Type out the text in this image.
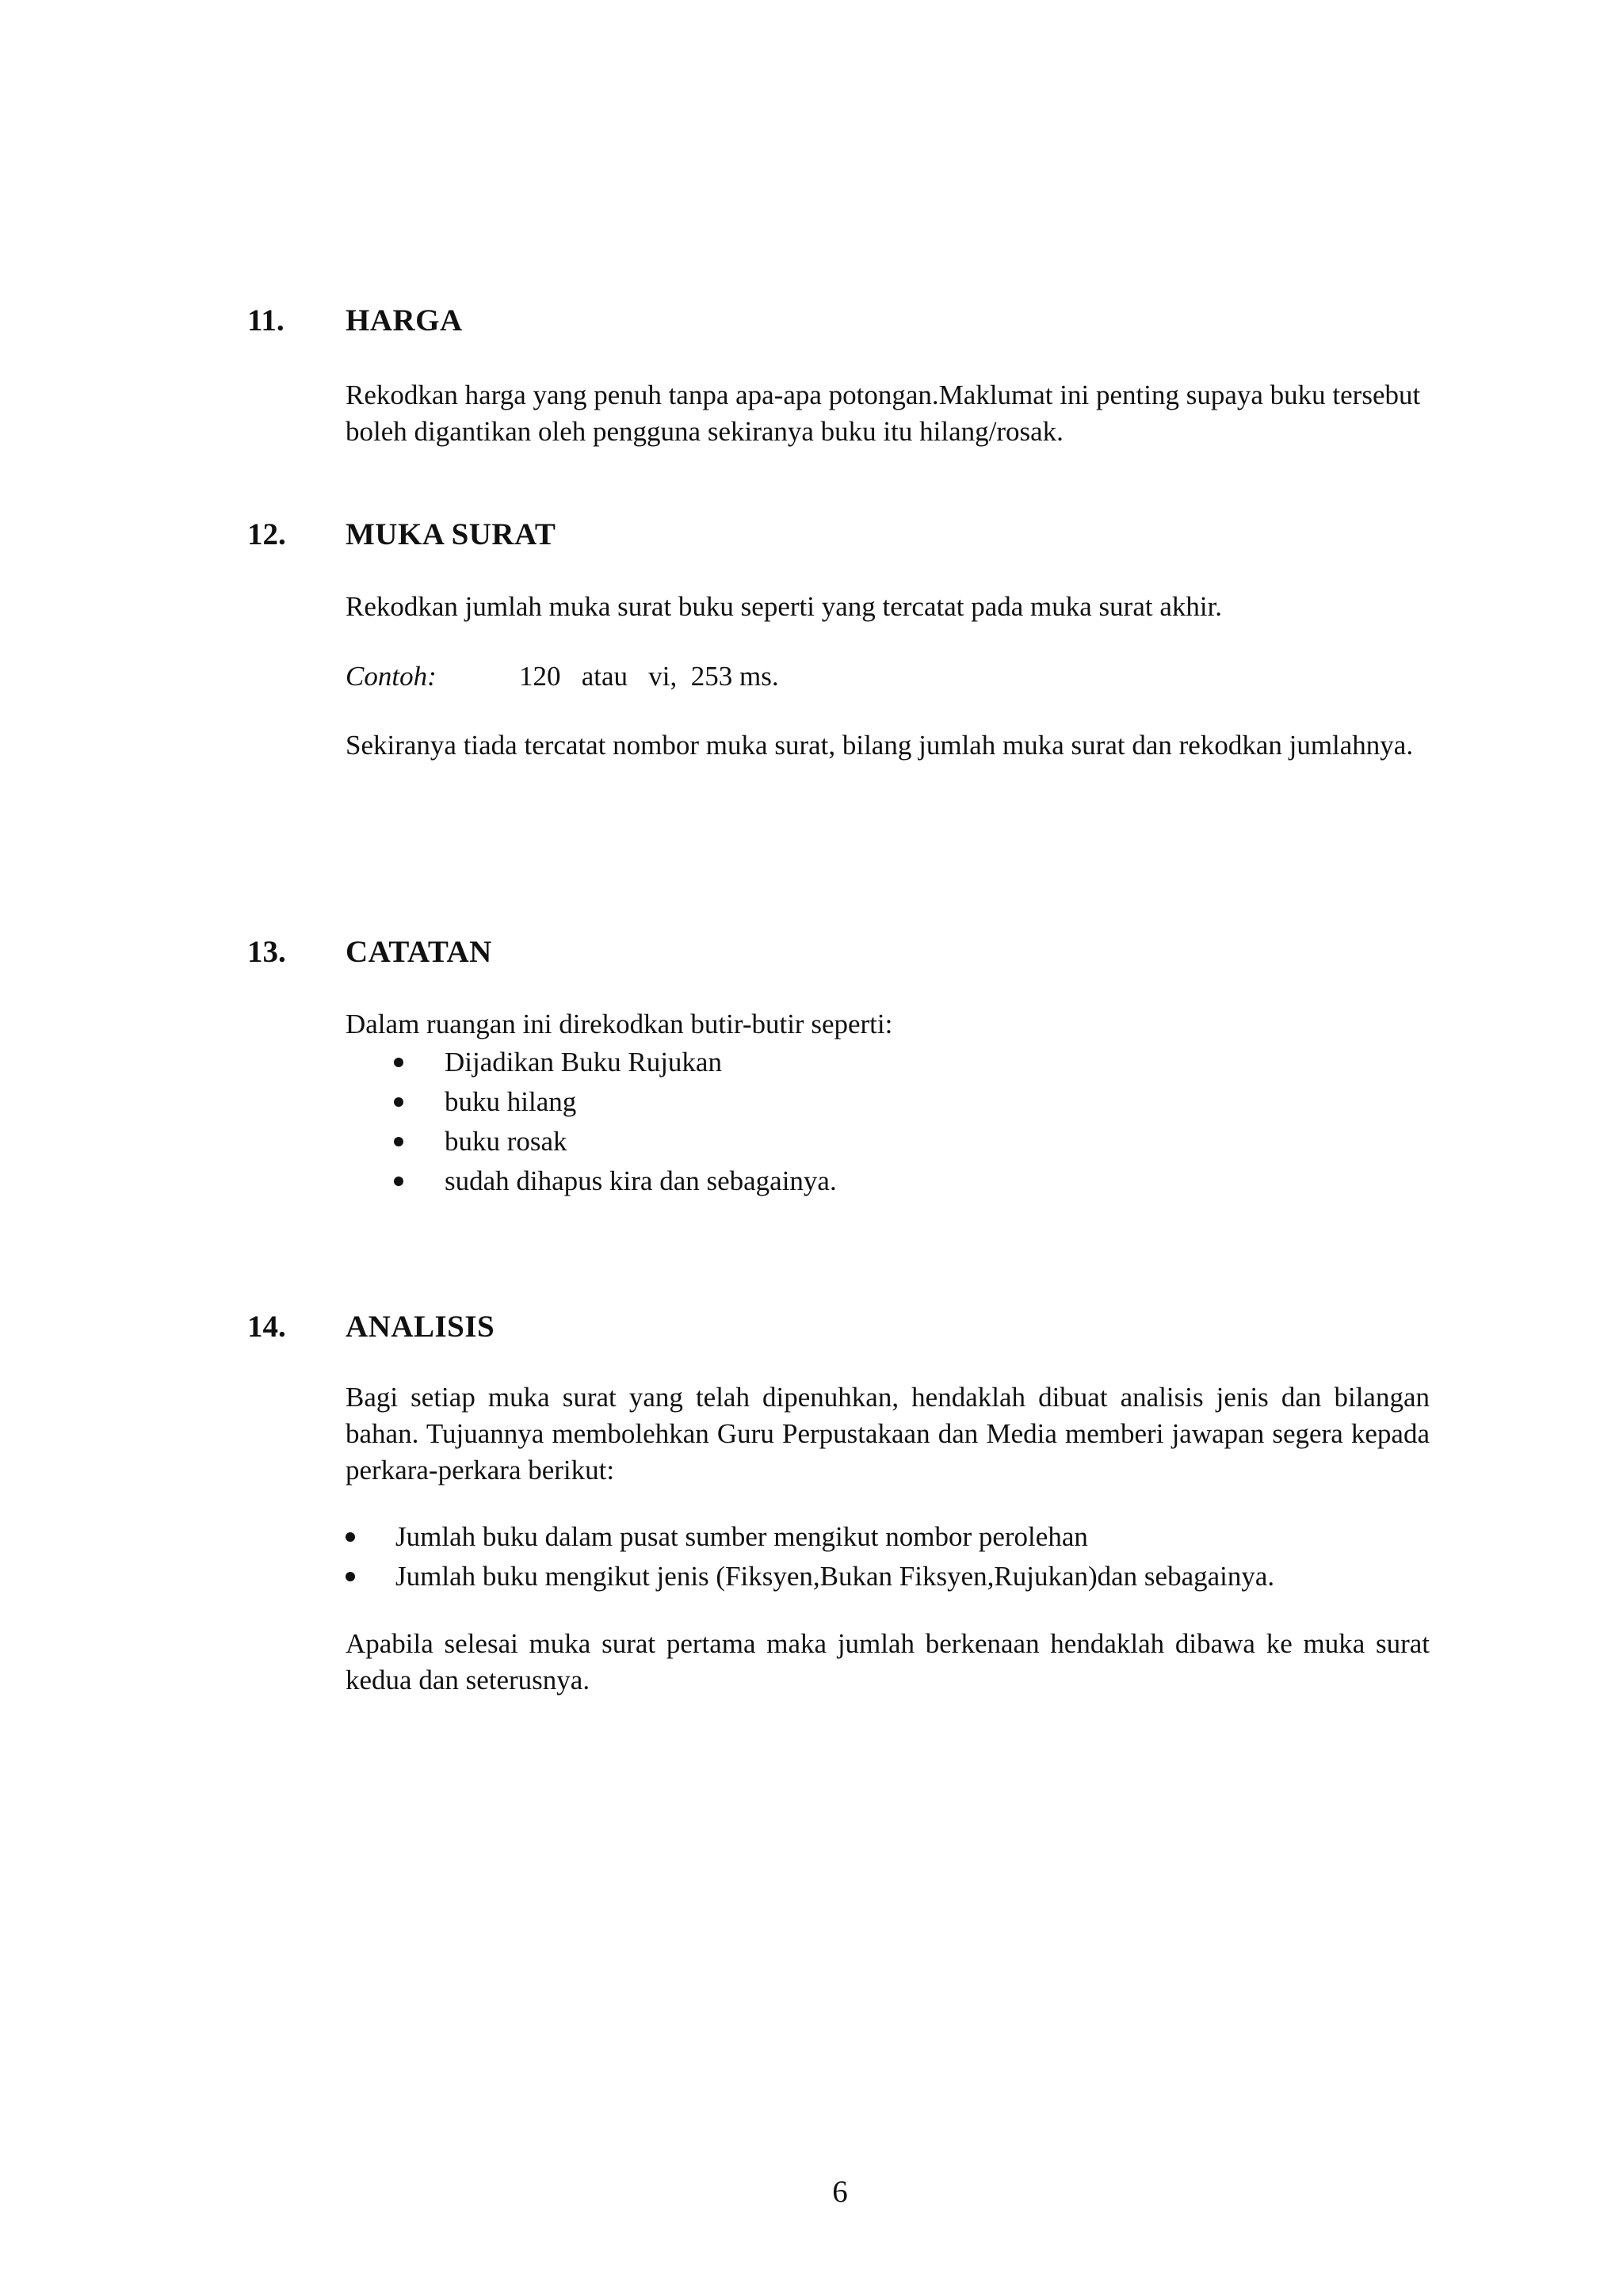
11. HARGA

Rekodkan harga yang penuh tanpa apa-apa potongan.Maklumat ini penting supaya buku tersebut boleh digantikan oleh pengguna sekiranya buku itu hilang/rosak.

12. MUKA SURAT

Rekodkan jumlah muka surat buku seperti yang tercatat pada muka surat akhir.

Contoh:	120   atau   vi,  253 ms.

Sekiranya tiada tercatat nombor muka surat, bilang jumlah muka surat dan rekodkan jumlahnya.

13. CATATAN

Dalam ruangan ini direkodkan butir-butir seperti:

Dijadikan Buku Rujukan
buku hilang
buku rosak
sudah dihapus kira dan sebagainya.
14. ANALISIS

Bagi setiap muka surat yang telah dipenuhkan, hendaklah dibuat analisis jenis dan bilangan bahan. Tujuannya membolehkan Guru Perpustakaan dan Media memberi jawapan segera kepada perkara-perkara berikut:

Jumlah buku dalam pusat sumber mengikut nombor perolehan
Jumlah buku mengikut jenis (Fiksyen,Bukan Fiksyen,Rujukan)dan sebagainya.

Apabila selesai muka surat pertama maka jumlah berkenaan hendaklah dibawa ke muka surat kedua dan seterusnya.

6
